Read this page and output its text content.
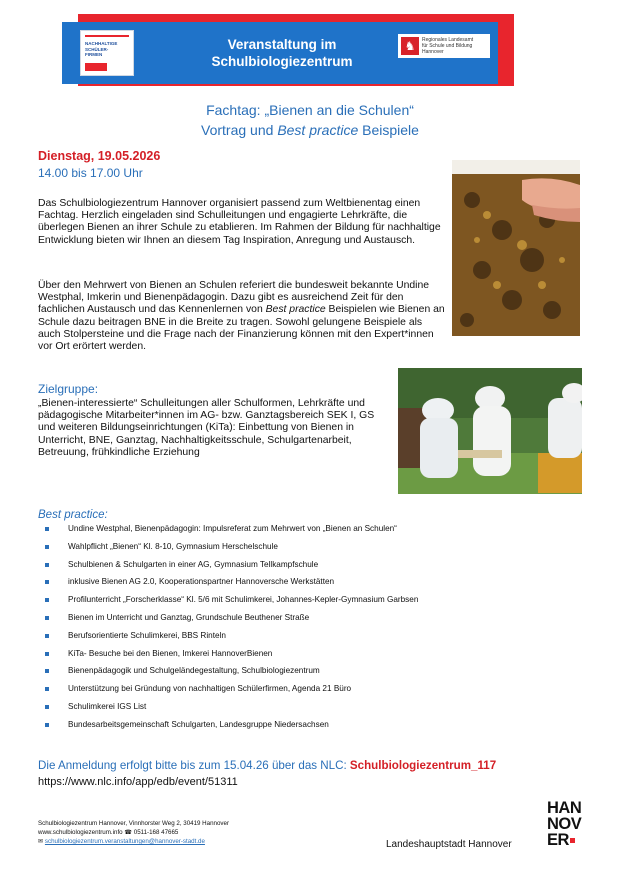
NACHHALTIGE
SCHÜLER-
FIRMEN
Veranstaltung im
Schulbiologiezentrum
♞	Regionales Landesamt
für Schule und Bildung
Hannover
Fachtag: „Bienen an die Schulen“
Vortrag und Best practice Beispiele
Dienstag, 19.05.2026
14.00 bis 17.00 Uhr

Das Schulbiologiezentrum Hannover organisiert passend zum Weltbienentag einen Fachtag. Herzlich eingeladen sind Schulleitungen und engagierte Lehrkräfte, die überlegen Bienen an ihrer Schule zu etablieren. Im Rahmen der Bildung für nachhaltige Entwicklung bieten wir Ihnen an diesem Tag Inspiration, Anregung und Austausch.

Über den Mehrwert von Bienen an Schulen referiert die bundesweit bekannte Undine Westphal, Imkerin und Bienenpädagogin. Dazu gibt es ausreichend Zeit für den fachlichen Austausch und das Kennenlernen von Best practice Beispielen wie Bienen an Schule dazu beitragen BNE in die Breite zu tragen. Sowohl gelungene Beispiele als auch Stolpersteine und die Frage nach der Finanzierung können mit den Expert*innen vor Ort erörtert werden.

Zielgruppe:

„Bienen-interessierte“ Schulleitungen aller Schulformen, Lehrkräfte und pädagogische Mitarbeiter*innen im AG- bzw. Ganztagsbereich SEK I, GS und weiteren Bildungseinrichtungen (KiTa): Einbettung von Bienen in Unterricht, BNE, Ganztag, Nachhaltigkeitsschule, Schulgartenarbeit, Betreuung, frühkindliche Erziehung

Best practice:
Undine Westphal, Bienenpädagogin: Impulsreferat zum Mehrwert von „Bienen an Schulen“
Wahlpflicht „Bienen“ Kl. 8-10, Gymnasium Herschelschule
Schulbienen & Schulgarten in einer AG, Gymnasium Tellkampfschule
inklusive Bienen AG 2.0, Kooperationspartner Hannoversche Werkstätten
Profilunterricht „Forscherklasse“ Kl. 5/6 mit Schulimkerei, Johannes-Kepler-Gymnasium Garbsen
Bienen im Unterricht und Ganztag, Grundschule Beuthener Straße
Berufsorientierte Schulimkerei, BBS Rinteln
KiTa- Besuche bei den Bienen, Imkerei HannoverBienen
Bienenpädagogik und Schulgeländegestaltung, Schulbiologiezentrum
Unterstützung bei Gründung von nachhaltigen Schülerfirmen, Agenda 21 Büro
Schulimkerei IGS List
Bundesarbeitsgemeinschaft Schulgarten, Landesgruppe Niedersachsen
Die Anmeldung erfolgt bitte bis zum 15.04.26 über das NLC: Schulbiologiezentrum_117
https://www.nlc.info/app/edb/event/51311
Schulbiologiezentrum Hannover, Vinnhorster Weg 2, 30419 Hannover
www.schulbiologiezentrum.info ☎ 0511-168 47665
✉ schulbiologiezentrum.veranstaltungen@hannover-stadt.de	Landeshauptstadt Hannover
HAN
NOV
ER
